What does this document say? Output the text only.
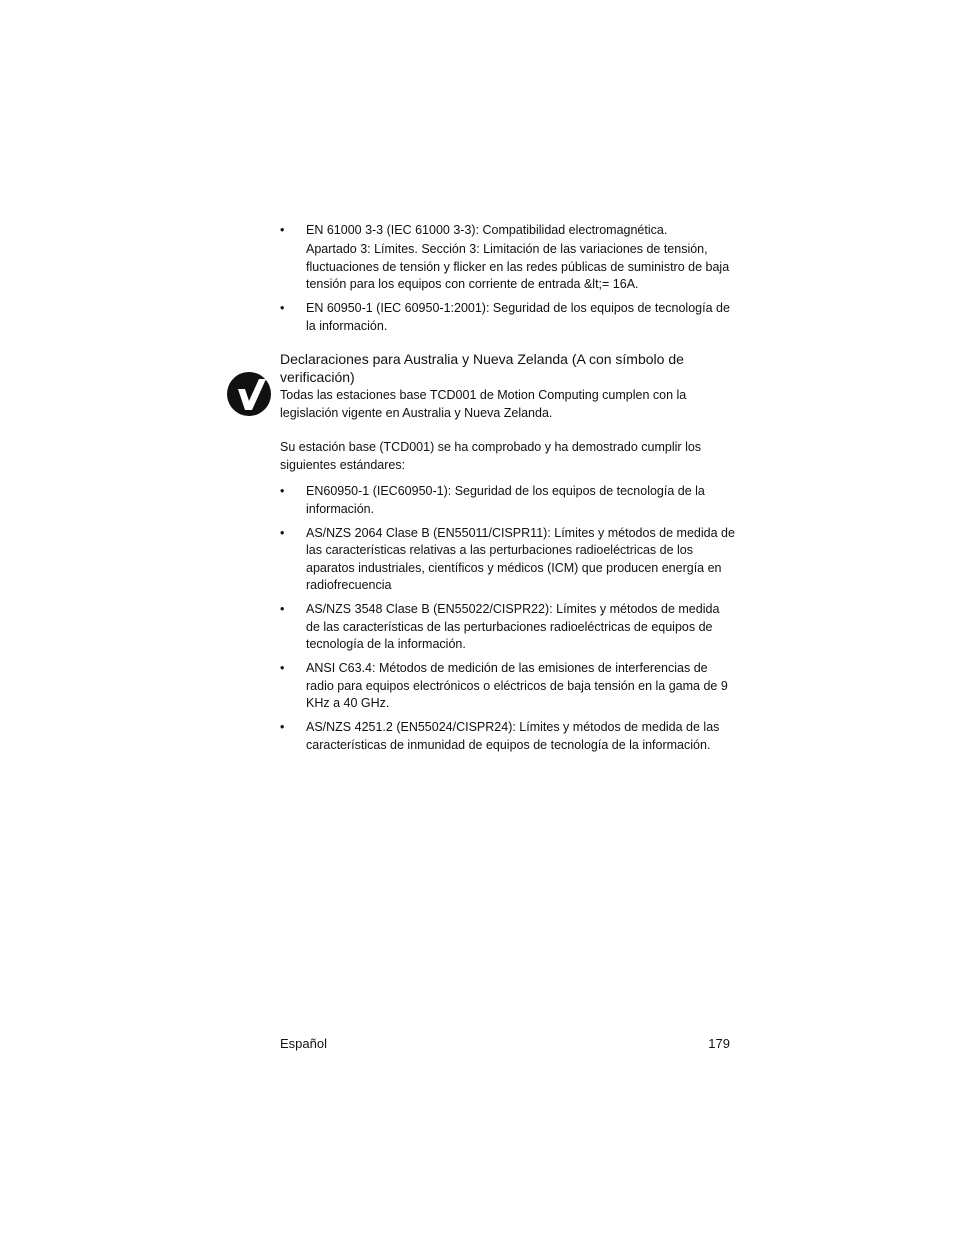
• EN 61000 3-3 (IEC 61000 3-3): Compatibilidad electromagnética.
Apartado 3: Límites. Sección 3: Limitación de las variaciones de tensión, fluctuaciones de tensión y flicker en las redes públicas de suministro de baja tensión para los equipos con corriente de entrada &lt;= 16A.
• EN 60950-1 (IEC 60950-1:2001): Seguridad de los equipos de tecnología de la información.
Declaraciones para Australia y Nueva Zelanda (A con símbolo de verificación)
Todas las estaciones base TCD001 de Motion Computing cumplen con la legislación vigente en Australia y Nueva Zelanda.
Su estación base (TCD001) se ha comprobado y ha demostrado cumplir los siguientes estándares:
• EN60950-1 (IEC60950-1): Seguridad de los equipos de tecnología de la información.
• AS/NZS 2064 Clase B (EN55011/CISPR11): Límites y métodos de medida de las características relativas a las perturbaciones radioeléctricas de los aparatos industriales, científicos y médicos (ICM) que producen energía en radiofrecuencia
• AS/NZS 3548 Clase B (EN55022/CISPR22): Límites y métodos de medida de las características de las perturbaciones radioeléctricas de equipos de tecnología de la información.
• ANSI C63.4: Métodos de medición de las emisiones de interferencias de radio para equipos electrónicos o eléctricos de baja tensión en la gama de 9 KHz a 40 GHz.
• AS/NZS 4251.2 (EN55024/CISPR24): Límites y métodos de medida de las características de inmunidad de equipos de tecnología de la información.
Español	179
